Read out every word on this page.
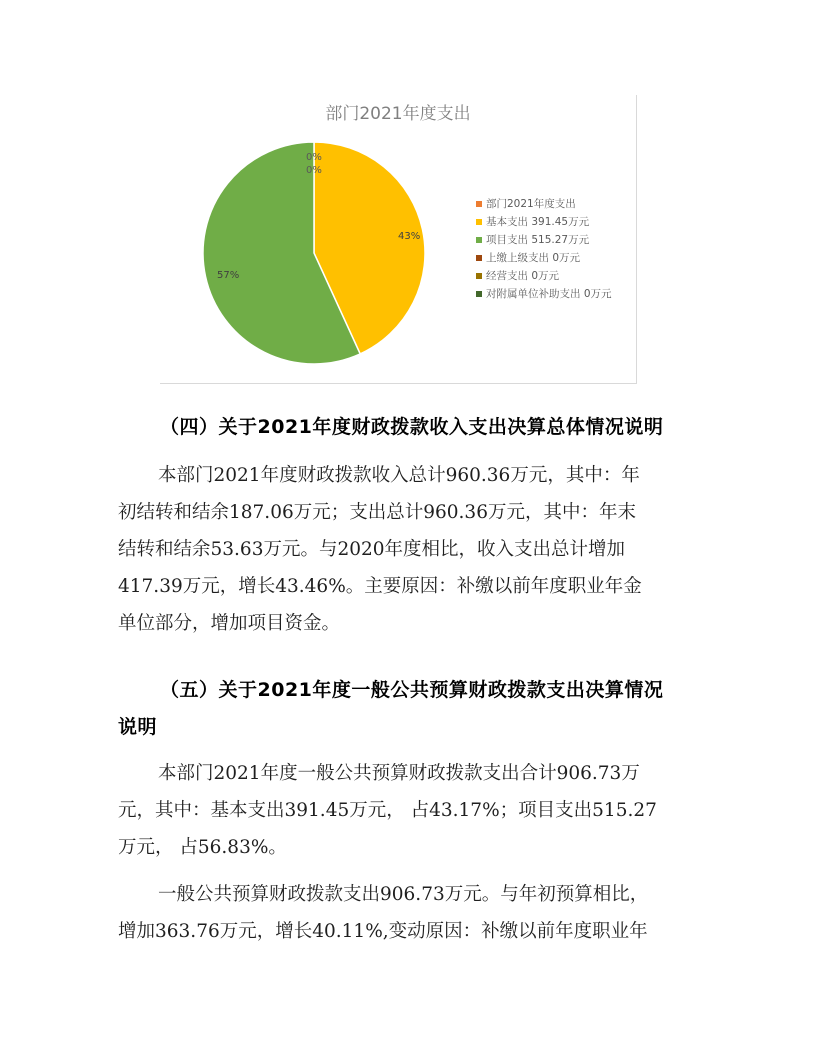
部门2021年度支出
43%
57%
0%
0%
部门2021年度支出
基本支出 391.45万元
项目支出 515.27万元
上缴上级支出 0万元
经营支出 0万元
对附属单位补助支出 0万元
（四）关于2021年度财政拨款收入支出决算总体情况说明
本部门2021年度财政拨款收入总计960.36万元，其中：年
初结转和结余187.06万元；支出总计960.36万元，其中：年末
结转和结余53.63万元。与2020年度相比，收入支出总计增加
417.39万元，增长43.46%。主要原因：补缴以前年度职业年金
单位部分，增加项目资金。
（五）关于2021年度一般公共预算财政拨款支出决算情况
说明
本部门2021年度一般公共预算财政拨款支出合计906.73万
元，其中：基本支出391.45万元， 占43.17%；项目支出515.27
万元， 占56.83%。
一般公共预算财政拨款支出906.73万元。与年初预算相比，
增加363.76万元，增长40.11%,变动原因：补缴以前年度职业年
